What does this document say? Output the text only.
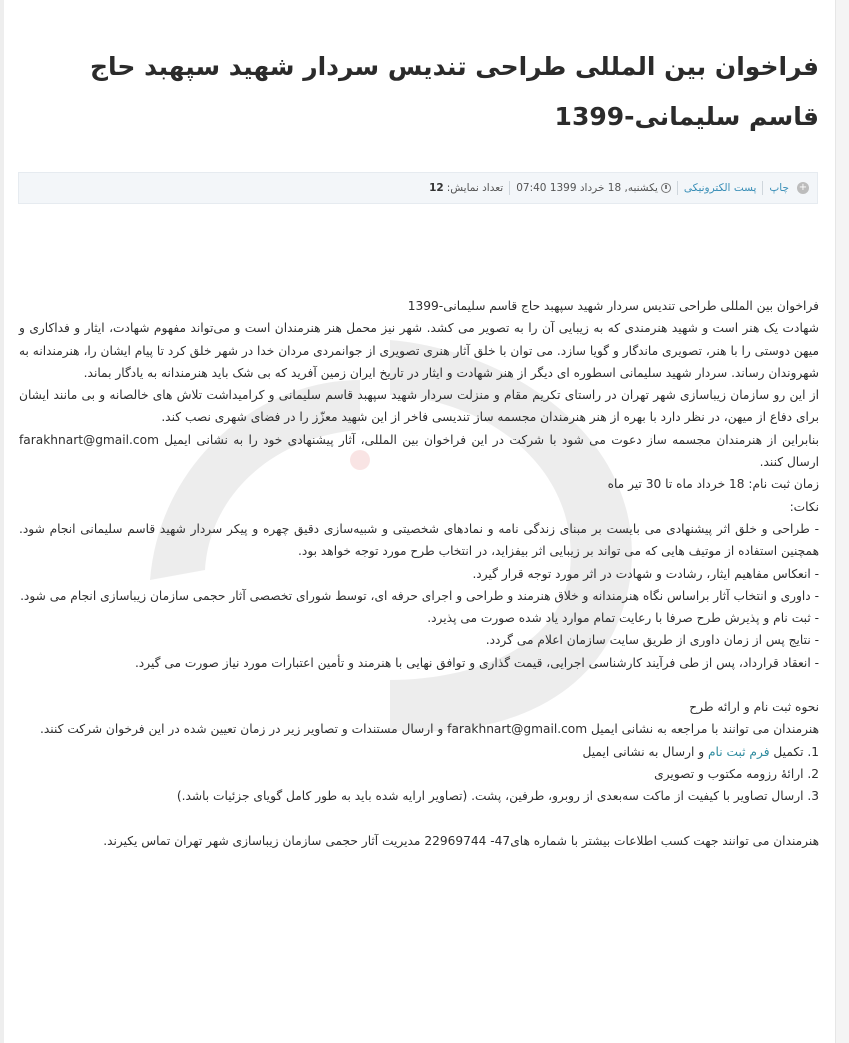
فراخوان بین المللی طراحی تندیس سردار شهید سپهبد حاج قاسم سلیمانی-1399
+
چاپ
پست الکترونیکی
یکشنبه, 18 خرداد 1399 07:40
تعداد نمایش:
12

فراخوان بین المللی طراحی تندیس سردار شهید سپهبد حاج قاسم سلیمانی-1399

شهادت یک هنر است و شهید هنرمندی که به زیبایی آن را به تصویر می کشد. شهر نیز محمل هنر هنرمندان است و می‌تواند مفهوم شهادت، ایثار و فداکاری و میهن دوستی را با هنر، تصویری ماندگار و گویا سازد. می توان با خلق آثار هنری تصویری از جوانمردی مردان خدا در شهر خلق کرد تا پیام ایشان را، هنرمندانه به شهروندان رساند. سردار شهید سلیمانی اسطوره ای دیگر از هنر شهادت و ایثار در تاریخ ایران زمین آفرید که بی شک باید هنرمندانه به یادگار بماند.

از این رو سازمان زیباسازی شهر تهران در راستای تکریم مقام و منزلت سردار شهید سپهبد قاسم سلیمانی و کرامیداشت تلاش های خالصانه و بی مانند ایشان برای دفاع از میهن، در نظر دارد با بهره از هنر هنرمندان مجسمه ساز تندیسی فاخر از این شهید معزّز را در فضای شهری نصب کند.

بنابراین از هنرمندان مجسمه ساز دعوت می شود با شرکت در این فراخوان بین المللی، آثار پیشنهادی خود را به نشانی ایمیل farakhnart@gmail.com ارسال کنند.

زمان ثبت نام: 18 خرداد ماه تا 30 تیر ماه

نکات:

- طراحی و خلق اثر پیشنهادی می بایست بر مبنای زندگی نامه و نمادهای شخصیتی و شبیه‌سازی دقیق چهره و پیکر سردار شهید قاسم سلیمانی انجام شود. همچنین استفاده از موتیف هایی که می تواند بر زیبایی اثر بیفزاید، در انتخاب طرح مورد توجه خواهد بود.

- انعکاس مفاهیم ایثار، رشادت و شهادت در اثر مورد توجه قرار گیرد.

- داوری و انتخاب آثار براساس نگاه هنرمندانه و خلاق هنرمند و طراحی و اجرای حرفه ای، توسط شورای تخصصی آثار حجمی سازمان زیباسازی انجام می شود.

- ثبت نام و پذیرش طرح صرفا با رعایت تمام موارد یاد شده صورت می پذیرد.

- نتایج پس از زمان داوری از طریق سایت سازمان اعلام می گردد.

- انعقاد قرارداد، پس از طی فرآیند کارشناسی اجرایی، قیمت گذاری و توافق نهایی با هنرمند و تأمین اعتبارات مورد نیاز صورت می گیرد.

نحوه ثبت نام و ارائه طرح

هنرمندان می توانند با مراجعه به نشانی ایمیل farakhnart@gmail.com و ارسال مستندات و تصاویر زیر در زمان تعیین شده در این فرخوان شرکت کنند.

1. تکمیل فرم ثبت نام و ارسال به نشانی ایمیل

2. ارائهٔ رزومه مکتوب و تصویری

3. ارسال تصاویر با کیفیت از ماکت سه‌بعدی از روبرو، طرفین، پشت. (تصاویر ارایه شده باید به طور کامل گویای جزئیات باشد.)

هنرمندان می توانند جهت کسب اطلاعات بیشتر با شماره های47- 22969744 مدیریت آثار حجمی سازمان زیباسازی شهر تهران تماس یکیرند.
